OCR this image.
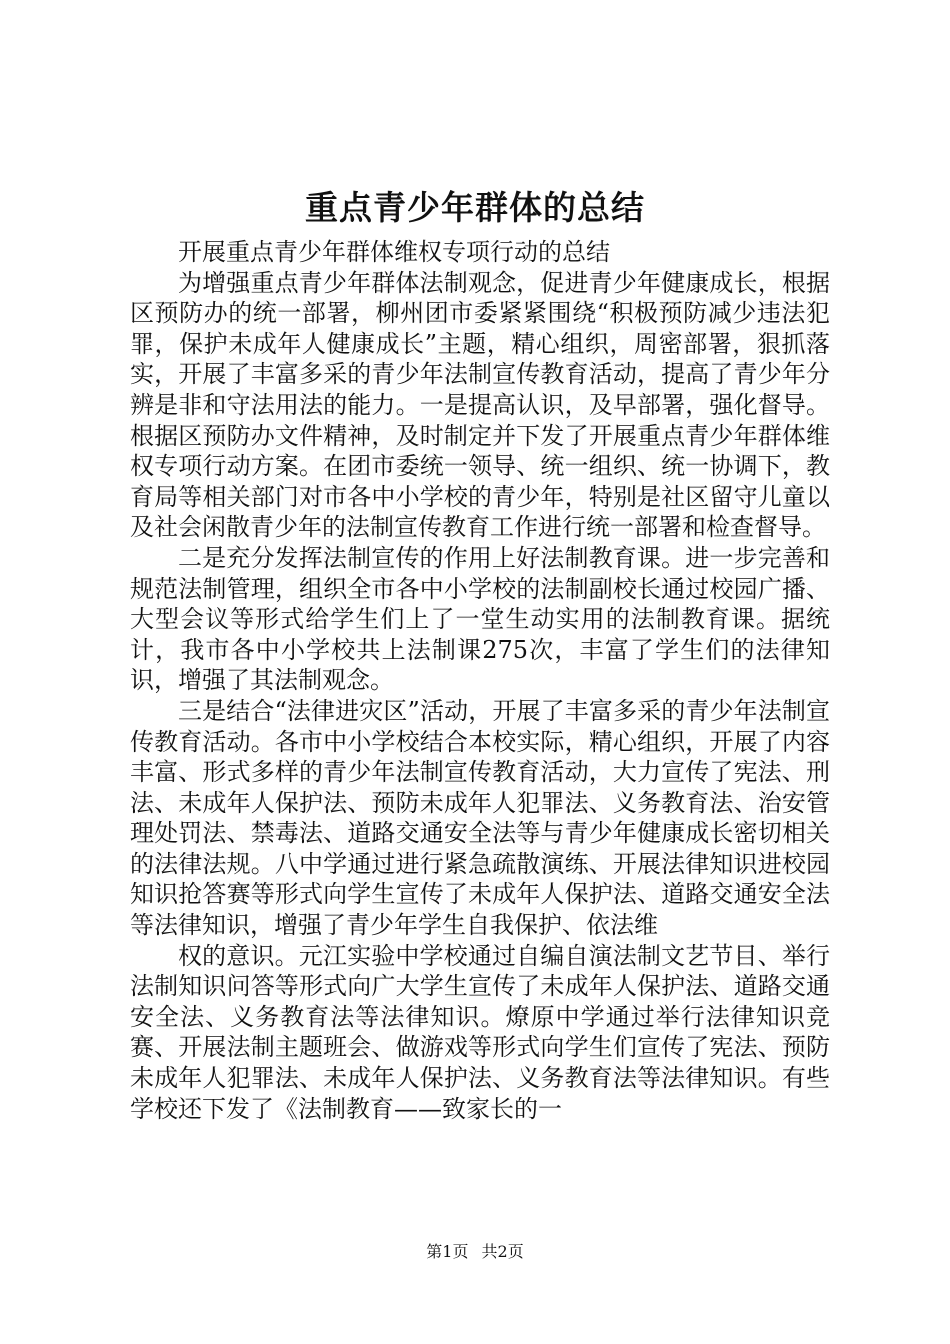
重点青少年群体的总结

开展重点青少年群体维权专项行动的总结

为增强重点青少年群体法制观念，促进青少年健康成长，根据区预防办的统一部署，柳州团市委紧紧围绕“积极预防减少违法犯罪，保护未成年人健康成长”主题，精心组织，周密部署，狠抓落实，开展了丰富多采的青少年法制宣传教育活动，提高了青少年分辨是非和守法用法的能力。一是提高认识，及早部署，强化督导。根据区预防办文件精神，及时制定并下发了开展重点青少年群体维权专项行动方案。在团市委统一领导、统一组织、统一协调下，教育局等相关部门对市各中小学校的青少年，特别是社区留守儿童以及社会闲散青少年的法制宣传教育工作进行统一部署和检查督导。

二是充分发挥法制宣传的作用上好法制教育课。进一步完善和规范法制管理，组织全市各中小学校的法制副校长通过校园广播、大型会议等形式给学生们上了一堂生动实用的法制教育课。据统计，我市各中小学校共上法制课275次，丰富了学生们的法律知识，增强了其法制观念。

三是结合“法律进灾区”活动，开展了丰富多采的青少年法制宣传教育活动。各市中小学校结合本校实际，精心组织，开展了内容丰富、形式多样的青少年法制宣传教育活动，大力宣传了宪法、刑法、未成年人保护法、预防未成年人犯罪法、义务教育法、治安管理处罚法、禁毒法、道路交通安全法等与青少年健康成长密切相关的法律法规。八中学通过进行紧急疏散演练、开展法律知识进校园知识抢答赛等形式向学生宣传了未成年人保护法、道路交通安全法等法律知识，增强了青少年学生自我保护、依法维

权的意识。元江实验中学校通过自编自演法制文艺节目、举行法制知识问答等形式向广大学生宣传了未成年人保护法、道路交通安全法、义务教育法等法律知识。燎原中学通过举行法律知识竞赛、开展法制主题班会、做游戏等形式向学生们宣传了宪法、预防未成年人犯罪法、未成年人保护法、义务教育法等法律知识。有些学校还下发了《法制教育——致家长的一

第1页 共2页
